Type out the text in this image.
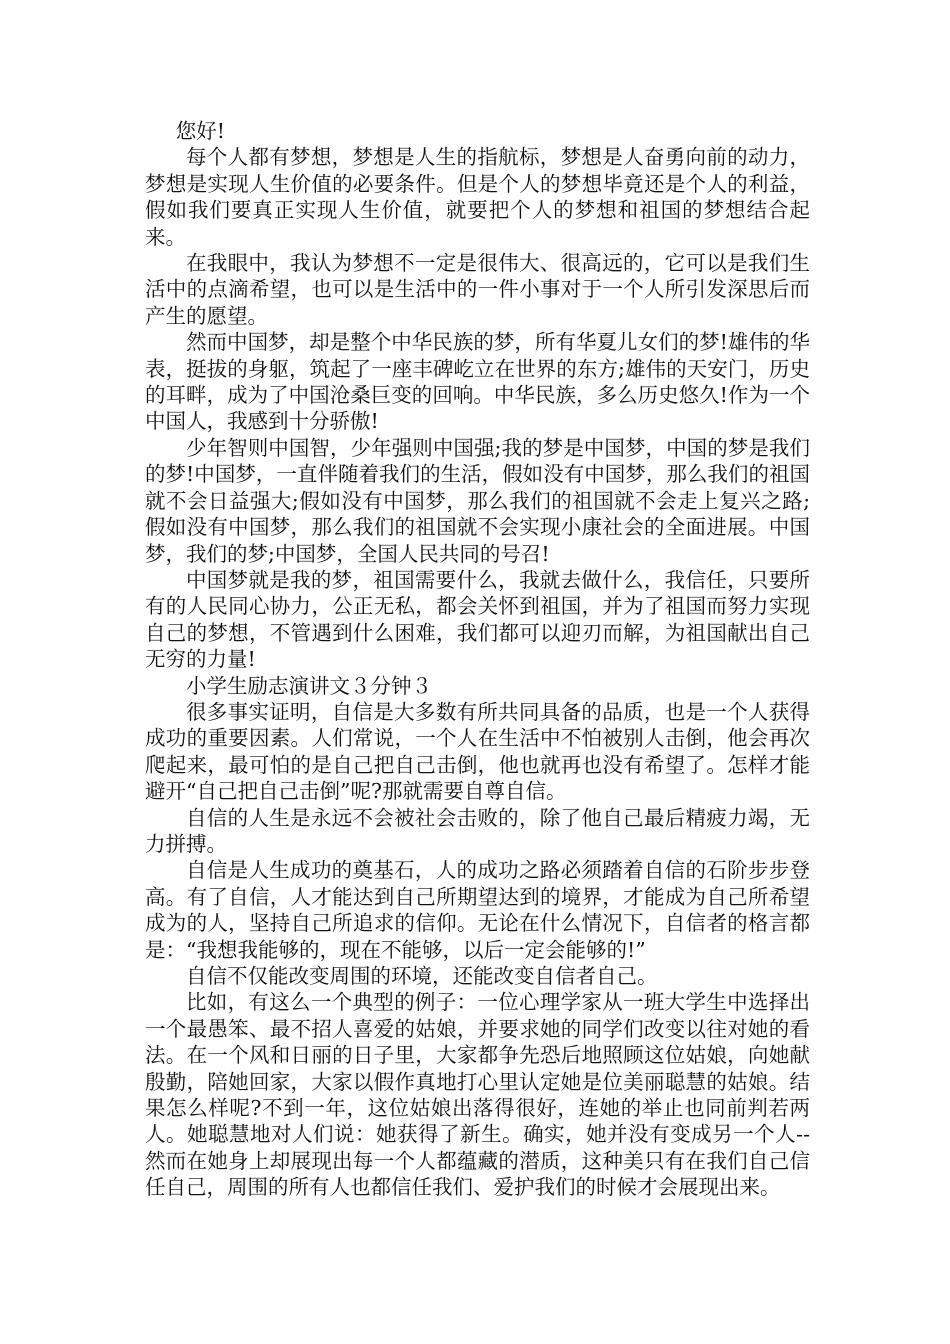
您好!

每个人都有梦想，梦想是人生的指航标，梦想是人奋勇向前的动力，梦想是实现人生价值的必要条件。但是个人的梦想毕竟还是个人的利益，假如我们要真正实现人生价值，就要把个人的梦想和祖国的梦想结合起来。

在我眼中，我认为梦想不一定是很伟大、很高远的，它可以是我们生活中的点滴希望，也可以是生活中的一件小事对于一个人所引发深思后而产生的愿望。

然而中国梦，却是整个中华民族的梦，所有华夏儿女们的梦!雄伟的华表，挺拔的身躯，筑起了一座丰碑屹立在世界的东方;雄伟的天安门，历史的耳畔，成为了中国沧桑巨变的回响。中华民族，多么历史悠久!作为一个中国人，我感到十分骄傲!

少年智则中国智，少年强则中国强;我的梦是中国梦，中国的梦是我们的梦!中国梦，一直伴随着我们的生活，假如没有中国梦，那么我们的祖国就不会日益强大;假如没有中国梦，那么我们的祖国就不会走上复兴之路;假如没有中国梦，那么我们的祖国就不会实现小康社会的全面进展。中国梦，我们的梦;中国梦，全国人民共同的号召!

中国梦就是我的梦，祖国需要什么，我就去做什么，我信任，只要所有的人民同心协力，公正无私，都会关怀到祖国，并为了祖国而努力实现自己的梦想，不管遇到什么困难，我们都可以迎刃而解，为祖国献出自己无穷的力量!

小学生励志演讲文３分钟３

很多事实证明，自信是大多数有所共同具备的品质，也是一个人获得成功的重要因素。人们常说，一个人在生活中不怕被别人击倒，他会再次爬起来，最可怕的是自己把自己击倒，他也就再也没有希望了。怎样才能避开“自己把自己击倒”呢?那就需要自尊自信。

自信的人生是永远不会被社会击败的，除了他自己最后精疲力竭，无力拼搏。

自信是人生成功的奠基石，人的成功之路必须踏着自信的石阶步步登高。有了自信，人才能达到自己所期望达到的境界，才能成为自己所希望成为的人，坚持自己所追求的信仰。无论在什么情况下，自信者的格言都是：“我想我能够的，现在不能够，以后一定会能够的!”

自信不仅能改变周围的环境，还能改变自信者自己。

比如，有这么一个典型的例子：一位心理学家从一班大学生中选择出一个最愚笨、最不招人喜爱的姑娘，并要求她的同学们改变以往对她的看法。在一个风和日丽的日子里，大家都争先恐后地照顾这位姑娘，向她献殷勤，陪她回家，大家以假作真地打心里认定她是位美丽聪慧的姑娘。结果怎么样呢?不到一年，这位姑娘出落得很好，连她的举止也同前判若两人。她聪慧地对人们说：她获得了新生。确实，她并没有变成另一个人--然而在她身上却展现出每一个人都蕴藏的潜质，这种美只有在我们自己信任自己，周围的所有人也都信任我们、爱护我们的时候才会展现出来。
